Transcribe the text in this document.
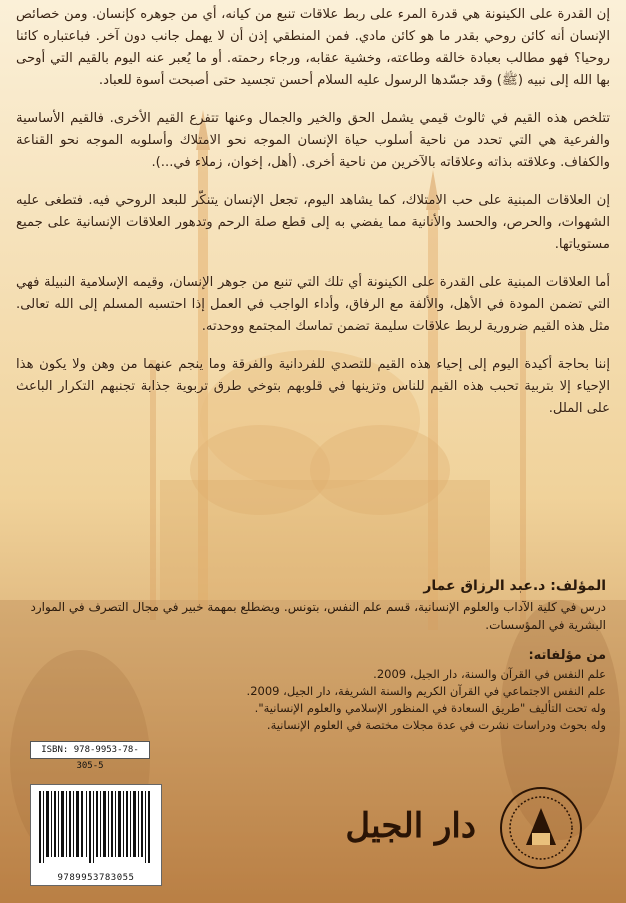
إن القدرة على الكينونة هي قدرة المرء على ربط علاقات تنبع من كيانه، أي من جوهره كإنسان. ومن خصائص الإنسان أنه كائن روحي بقدر ما هو كائن مادي. فمن المنطقي إذن أن لا يهمل جانب دون آخر. فباعتباره كائنا روحيا؟ فهو مطالب بعبادة خالقه وطاعته، وخشية عقابه، ورجاء رحمته. أو ما يُعبر عنه اليوم بالقيم التي أوحى بها الله إلى نبيه (ﷺ) وقد جسّدها الرسول عليه السلام أحسن تجسيد حتى أصبحت أسوة للعباد.

تتلخص هذه القيم في ثالوث قيمي يشمل الحق والخير والجمال وعنها تتفرع القيم الأخرى. فالقيم الأساسية والفرعية هي التي تحدد من ناحية أسلوب حياة الإنسان الموجه نحو الامتلاك وأسلوبه الموجه نحو القناعة والكفاف. وعلاقته بذاته وعلاقاته بالآخرين من ناحية أخرى. (أهل، إخوان، زملاء في...).

إن العلاقات المبنية على حب الامتلاك، كما يشاهد اليوم، تجعل الإنسان يتنكّر للبعد الروحي فيه. فتطغى عليه الشهوات، والحرص، والحسد والأنانية مما يفضي به إلى قطع صلة الرحم وتدهور العلاقات الإنسانية على جميع مستوياتها.

أما العلاقات المبنية على القدرة على الكينونة أي تلك التي تنبع من جوهر الإنسان، وقيمه الإسلامية النبيلة فهي التي تضمن المودة في الأهل، والألفة مع الرفاق، وأداء الواجب في العمل إذا احتسبه المسلم إلى الله تعالى. مثل هذه القيم ضرورية لربط علاقات سليمة تضمن تماسك المجتمع ووحدته.

إننا بحاجة أكيدة اليوم إلى إحياء هذه القيم للتصدي للفردانية والفرقة وما ينجم عنهما من وهن ولا يكون هذا الإحياء إلا بتربية تحبب هذه القيم للناس وتزينها في قلوبهم بتوخي طرق تربوية جذابة تجنبهم التكرار الباعث على الملل.

المؤلف: د.عبد الرزاق عمار
درس في كلية الآداب والعلوم الإنسانية، قسم علم النفس، بتونس. ويضطلع بمهمة خبير في مجال التصرف في الموارد البشرية في المؤسسات.
من مؤلفاته:
علم النفس في القرآن والسنة، دار الجيل، 2009.
علم النفس الاجتماعي في القرآن الكريم والسنة الشريفة، دار الجيل، 2009.
وله تحت التأليف "طريق السعادة في المنظور الإسلامي والعلوم الإنسانية".
وله بحوث ودراسات نشرت في عدة مجلات مختصة في العلوم الإنسانية.
ISBN: 978-9953-78-305-5
9789953783055
دار الجيل
